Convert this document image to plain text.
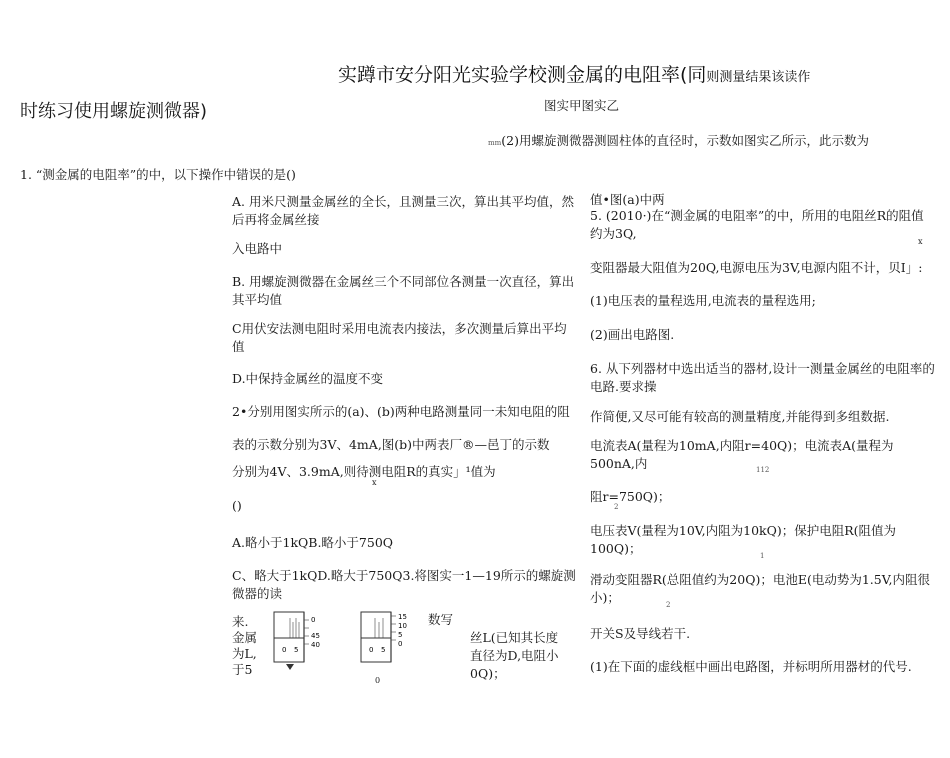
实蹲市安分阳光实验学校测金属的电阻率(同则测量结果该读作
时练习使用螺旋测微器)	图实甲图实乙
mm(2)用螺旋测微器测圆柱体的直径时，示数如图实乙所示，此示数为
1. “测金属的电阻率”的中，以下操作中错误的是()
A. 用米尺测量金属丝的全长，且测量三次，算出其平均值，然后再将金属丝接
入电路中
B. 用螺旋测微器在金属丝三个不同部位各测量一次直径，算出其平均值
C用伏安法测电阻时采用电流表内接法，多次测量后算出平均值
D.中保持金属丝的温度不变
2•分别用图实所示的(a)、(b)两种电路测量同一未知电阻的阻
表的示数分别为3V、4mA,图(b)中两表厂®—邑丁的示数
分别为4V、3.9mA,则待测电阻R的真实」¹值为
x
()
A.略小于1kQB.略小于750Q
C、略大于1kQD.略大于750Q3.将图实一1—19所示的螺旋测微器的读
来.
金属
为L,
于5
0
45
40
0 5
15
10
5
0
0 5
数写
0
丝L(已知其长度直径为D,电阻小0Q)；
值•图(a)中两
5. (2010·)在“测金属的电阻率”的中，所用的电阻丝R的阻值约为3Q,
x
变阻器最大阻值为20Q,电源电压为3V,电源内阻不计，贝Ⅰ」:
(1)电压表的量程选用,电流表的量程选用;
(2)画出电路图.
6. 从下列器材中选出适当的器材,设计一测量金属丝的电阻率的电路.要求操
作简便,又尽可能有较高的测量精度,并能得到多组数据.
电流表A(量程为10mA,内阻r=40Q)；电流表A(量程为500nA,内	112
阻r=750Q)；
2
电压表V(量程为10V,内阻为10kQ)；保护电阻R(阻值为100Q)；	1
滑动变阻器R(总阻值约为20Q)；电池E(电动势为1.5V,内阻很小)；	2
开关S及导线若干.
(1)在下面的虚线框中画出电路图，并标明所用器材的代号.
